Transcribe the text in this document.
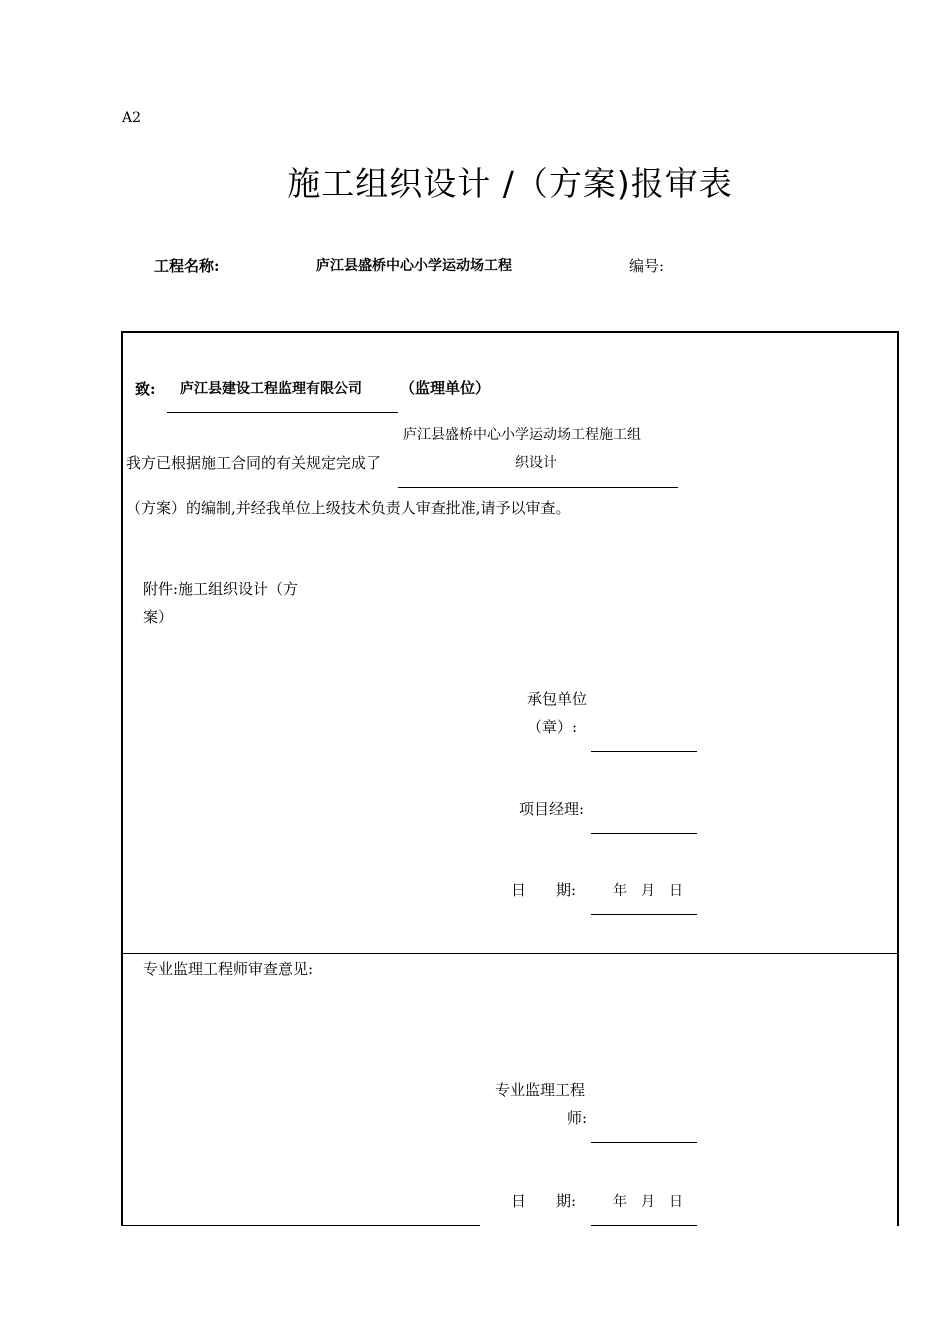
A2
施工组织设计 /（方案)报审表
工程名称:	庐江县盛桥中心小学运动场工程	编号:
致: 庐江县建设工程监理有限公司	（监理单位）
庐江县盛桥中心小学运动场工程施工组
织设计
我方已根据施工合同的有关规定完成了
（方案）的编制,并经我单位上级技术负责人审查批准,请予以审查。
附件:施工组织设计（方
案）
承包单位
（章）:
项目经理:
日　　期:	年　月　日
专业监理工程师审查意见:
专业监理工程
师:
日　　期:	年　月　日
